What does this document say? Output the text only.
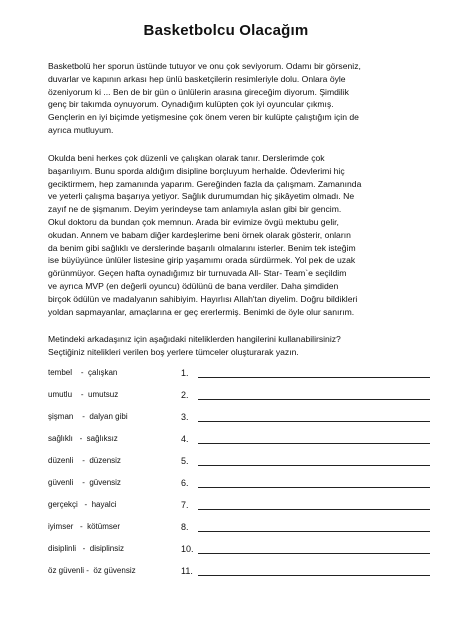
Basketbolcu Olacağım
Basketbolü her sporun üstünde tutuyor ve onu çok seviyorum. Odamı bir görseniz,
duvarlar ve kapının arkası hep ünlü basketçilerin resimleriyle dolu. Onlara öyle
özeniyorum ki ... Ben de bir gün o ünlülerin arasına gireceğim diyorum. Şimdilik
genç bir takımda oynuyorum. Oynadığım kulüpten çok iyi oyuncular çıkmış.
Gençlerin en iyi biçimde yetişmesine çok önem veren bir kulüpte çalıştığım için de
ayrıca mutluyum.
Okulda beni herkes çok düzenli ve çalışkan olarak tanır. Derslerimde çok
başarılıyım. Bunu sporda aldığım disipline borçluyum herhalde. Ödevlerimi hiç
geciktirmem, hep zamanında yaparım. Gereğinden fazla da çalışmam. Zamanında
ve yeterli çalışma başarıya yetiyor. Sağlık durumumdan hiç şikâyetim olmadı. Ne
zayıf ne de şişmanım. Deyim yerindeyse tam anlamıyla aslan gibi bir gencim.
Okul doktoru da bundan çok memnun. Arada bir evimize övgü mektubu gelir,
okudan. Annem ve babam diğer kardeşlerime beni örnek olarak gösterir, onların
da benim gibi sağlıklı ve derslerinde başarılı olmalarını isterler. Benim tek isteğim
ise büyüyünce ünlüler listesine girip yaşamımı orada sürdürmek. Yol pek de uzak
görünmüyor. Geçen hafta oynadığımız bir turnuvada All- Star- Team`e seçildim
ve ayrıca MVP (en değerli oyuncu) ödülünü de bana verdiler. Daha şimdiden
birçok ödülün ve madalyanın sahibiyim. Hayırlısı Allah'tan diyelim. Doğru bildikleri
yoldan sapmayanlar, amaçlarına er geç ererlermiş. Benimki de öyle olur sanırım.
Metindeki arkadaşınız için aşağıdaki niteliklerden hangilerini kullanabilirsiniz?
Seçtiğiniz nitelikleri verilen boş yerlere tümceler oluşturarak yazın.
tembel    -  çalışkan	1.
umutlu    -  umutsuz	2.
şişman    -  dalyan gibi	3.
sağlıklı   -  sağlıksız	4.
düzenli    -  düzensiz	5.
güvenli    -  güvensiz	6.
gerçekçi   -  hayalci	7.
iyimser   -  kötümser	8.
disiplinli   -  disiplinsiz	10.
öz güvenli -  öz güvensiz	11.
